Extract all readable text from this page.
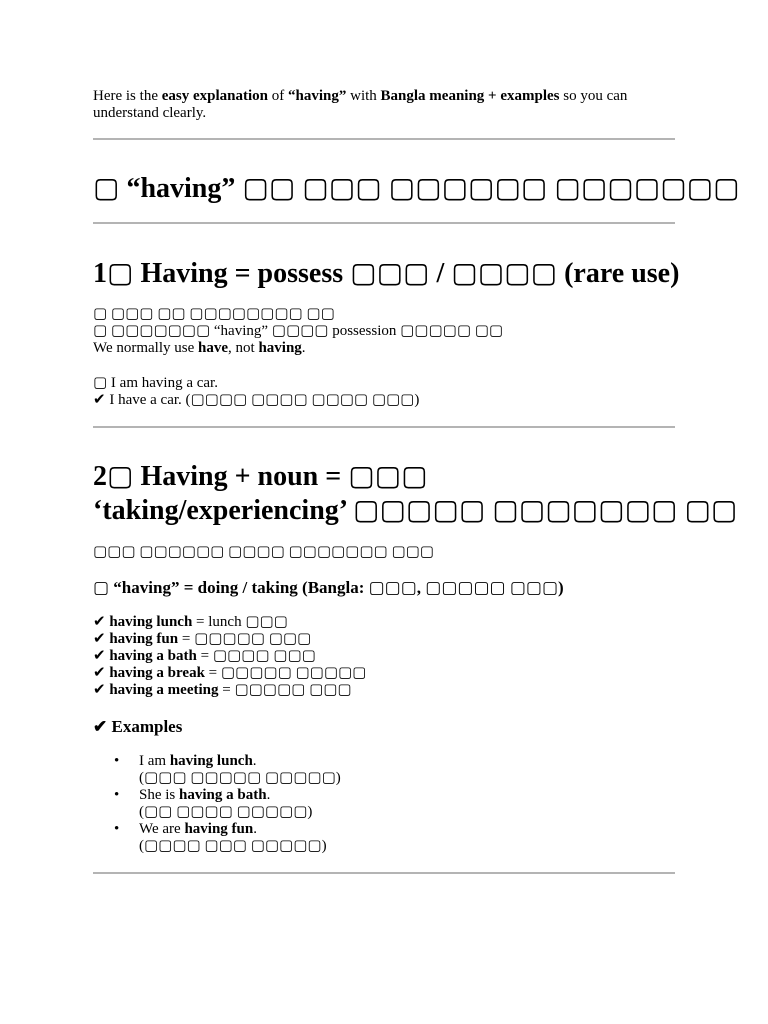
Here is the easy explanation of “having” with Bangla meaning + examples so you can understand clearly.
▢ “having” ▢▢ ▢▢▢ ▢▢▢▢▢▢ ▢▢▢▢▢▢▢
1▢ Having = possess ▢▢▢ / ▢▢▢▢ (rare use)
▢ ▢▢▢ ▢▢ ▢▢▢▢▢▢▢▢ ▢▢
▢ ▢▢▢▢▢▢▢ “having” ▢▢▢▢ possession ▢▢▢▢▢ ▢▢
We normally use have, not having.
▢ I am having a car.
✔ I have a car. (▢▢▢▢ ▢▢▢▢ ▢▢▢▢ ▢▢▢)
2▢ Having + noun = ▢▢▢
‘taking/experiencing’ ▢▢▢▢▢ ▢▢▢▢▢▢▢ ▢▢
▢▢▢ ▢▢▢▢▢▢ ▢▢▢▢ ▢▢▢▢▢▢▢ ▢▢▢
▢ “having” = doing / taking (Bangla: ▢▢▢, ▢▢▢▢▢ ▢▢▢)
✔ having lunch = lunch ▢▢▢
✔ having fun = ▢▢▢▢▢ ▢▢▢
✔ having a bath = ▢▢▢▢ ▢▢▢
✔ having a break = ▢▢▢▢▢ ▢▢▢▢▢
✔ having a meeting = ▢▢▢▢▢ ▢▢▢
✔ Examples
• I am having lunch.
(▢▢▢ ▢▢▢▢▢ ▢▢▢▢▢)
• She is having a bath.
(▢▢ ▢▢▢▢ ▢▢▢▢▢)
• We are having fun.
(▢▢▢▢ ▢▢▢ ▢▢▢▢▢)
